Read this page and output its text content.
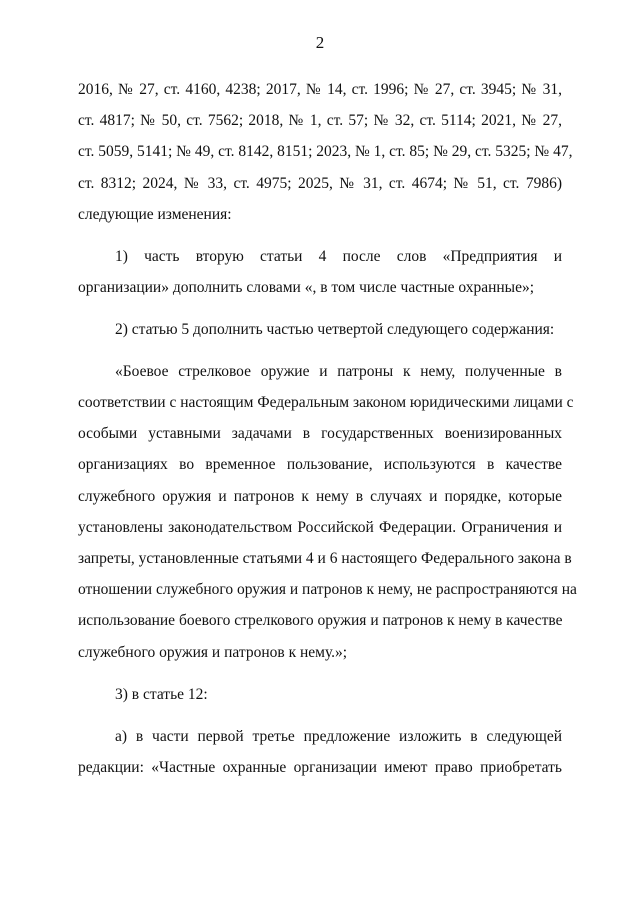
2
2016, № 27, ст. 4160, 4238; 2017, № 14, ст. 1996; № 27, ст. 3945; № 31,
ст. 4817; № 50, ст. 7562; 2018, № 1, ст. 57; № 32, ст. 5114; 2021, № 27,
ст. 5059, 5141; № 49, ст. 8142, 8151; 2023, № 1, ст. 85; № 29, ст. 5325; № 47,
ст. 8312; 2024, № 33, ст. 4975; 2025, № 31, ст. 4674; № 51, ст. 7986)
следующие изменения:
1) часть вторую статьи 4 после слов «Предприятия и
организации» дополнить словами «, в том числе частные охранные»;
2) статью 5 дополнить частью четвертой следующего содержания:
«Боевое стрелковое оружие и патроны к нему, полученные в
соответствии с настоящим Федеральным законом юридическими лицами с
особыми уставными задачами в государственных военизированных
организациях во временное пользование, используются в качестве
служебного оружия и патронов к нему в случаях и порядке, которые
установлены законодательством Российской Федерации. Ограничения и
запреты, установленные статьями 4 и 6 настоящего Федерального закона в
отношении служебного оружия и патронов к нему, не распространяются на
использование боевого стрелкового оружия и патронов к нему в качестве
служебного оружия и патронов к нему.»;
3) в статье 12:
а) в части первой третье предложение изложить в следующей
редакции: «Частные охранные организации имеют право приобретать
